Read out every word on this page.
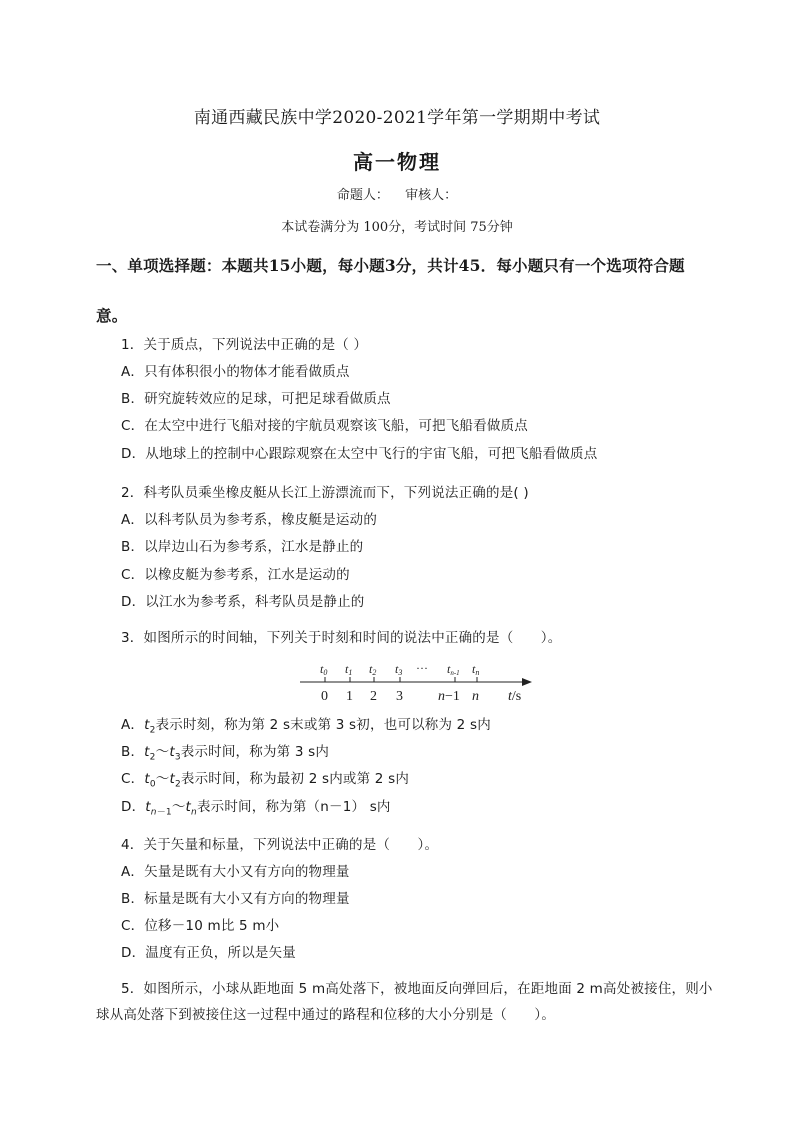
南通西藏民族中学2020-2021学年第一学期期中考试
高一物理
命题人： 审核人：
本试卷满分为 100分，考试时间 75分钟
一、单项选择题：本题共15小题，每小题3分，共计45．每小题只有一个选项符合题意。
1．关于质点，下列说法中正确的是（ ）
A．只有体积很小的物体才能看做质点
B．研究旋转效应的足球，可把足球看做质点
C．在太空中进行飞船对接的宇航员观察该飞船，可把飞船看做质点
D．从地球上的控制中心跟踪观察在太空中飞行的宇宙飞船，可把飞船看做质点
2．科考队员乘坐橡皮艇从长江上游漂流而下，下列说法正确的是( )
A．以科考队员为参考系，橡皮艇是运动的
B．以岸边山石为参考系，江水是静止的
C．以橡皮艇为参考系，江水是运动的
D．以江水为参考系，科考队员是静止的
3．如图所示的时间轴，下列关于时刻和时间的说法中正确的是（　　）。
t0 t1 t2 t3 ··· tn-1 tn
0 1 2 3	n−1 n t/s
A．$t_2$表示时刻，称为第 2 s末或第 3 s初，也可以称为 2 s内
B．$t_2\sim t_3$表示时间，称为第 3 s内
C．$t_0\sim t_2$表示时间，称为最初 2 s内或第 2 s内
D．$t_{n-1}\sim t_n$表示时间，称为第（n－1） s内
4．关于矢量和标量，下列说法中正确的是（　　）。
A．矢量是既有大小又有方向的物理量
B．标量是既有大小又有方向的物理量
C．位移－10 m比 5 m小
D．温度有正负，所以是矢量
5．如图所示，小球从距地面 5 m高处落下，被地面反向弹回后，在距地面 2 m高处被接住，则小球从高处落下到被接住这一过程中通过的路程和位移的大小分别是（　　）。
